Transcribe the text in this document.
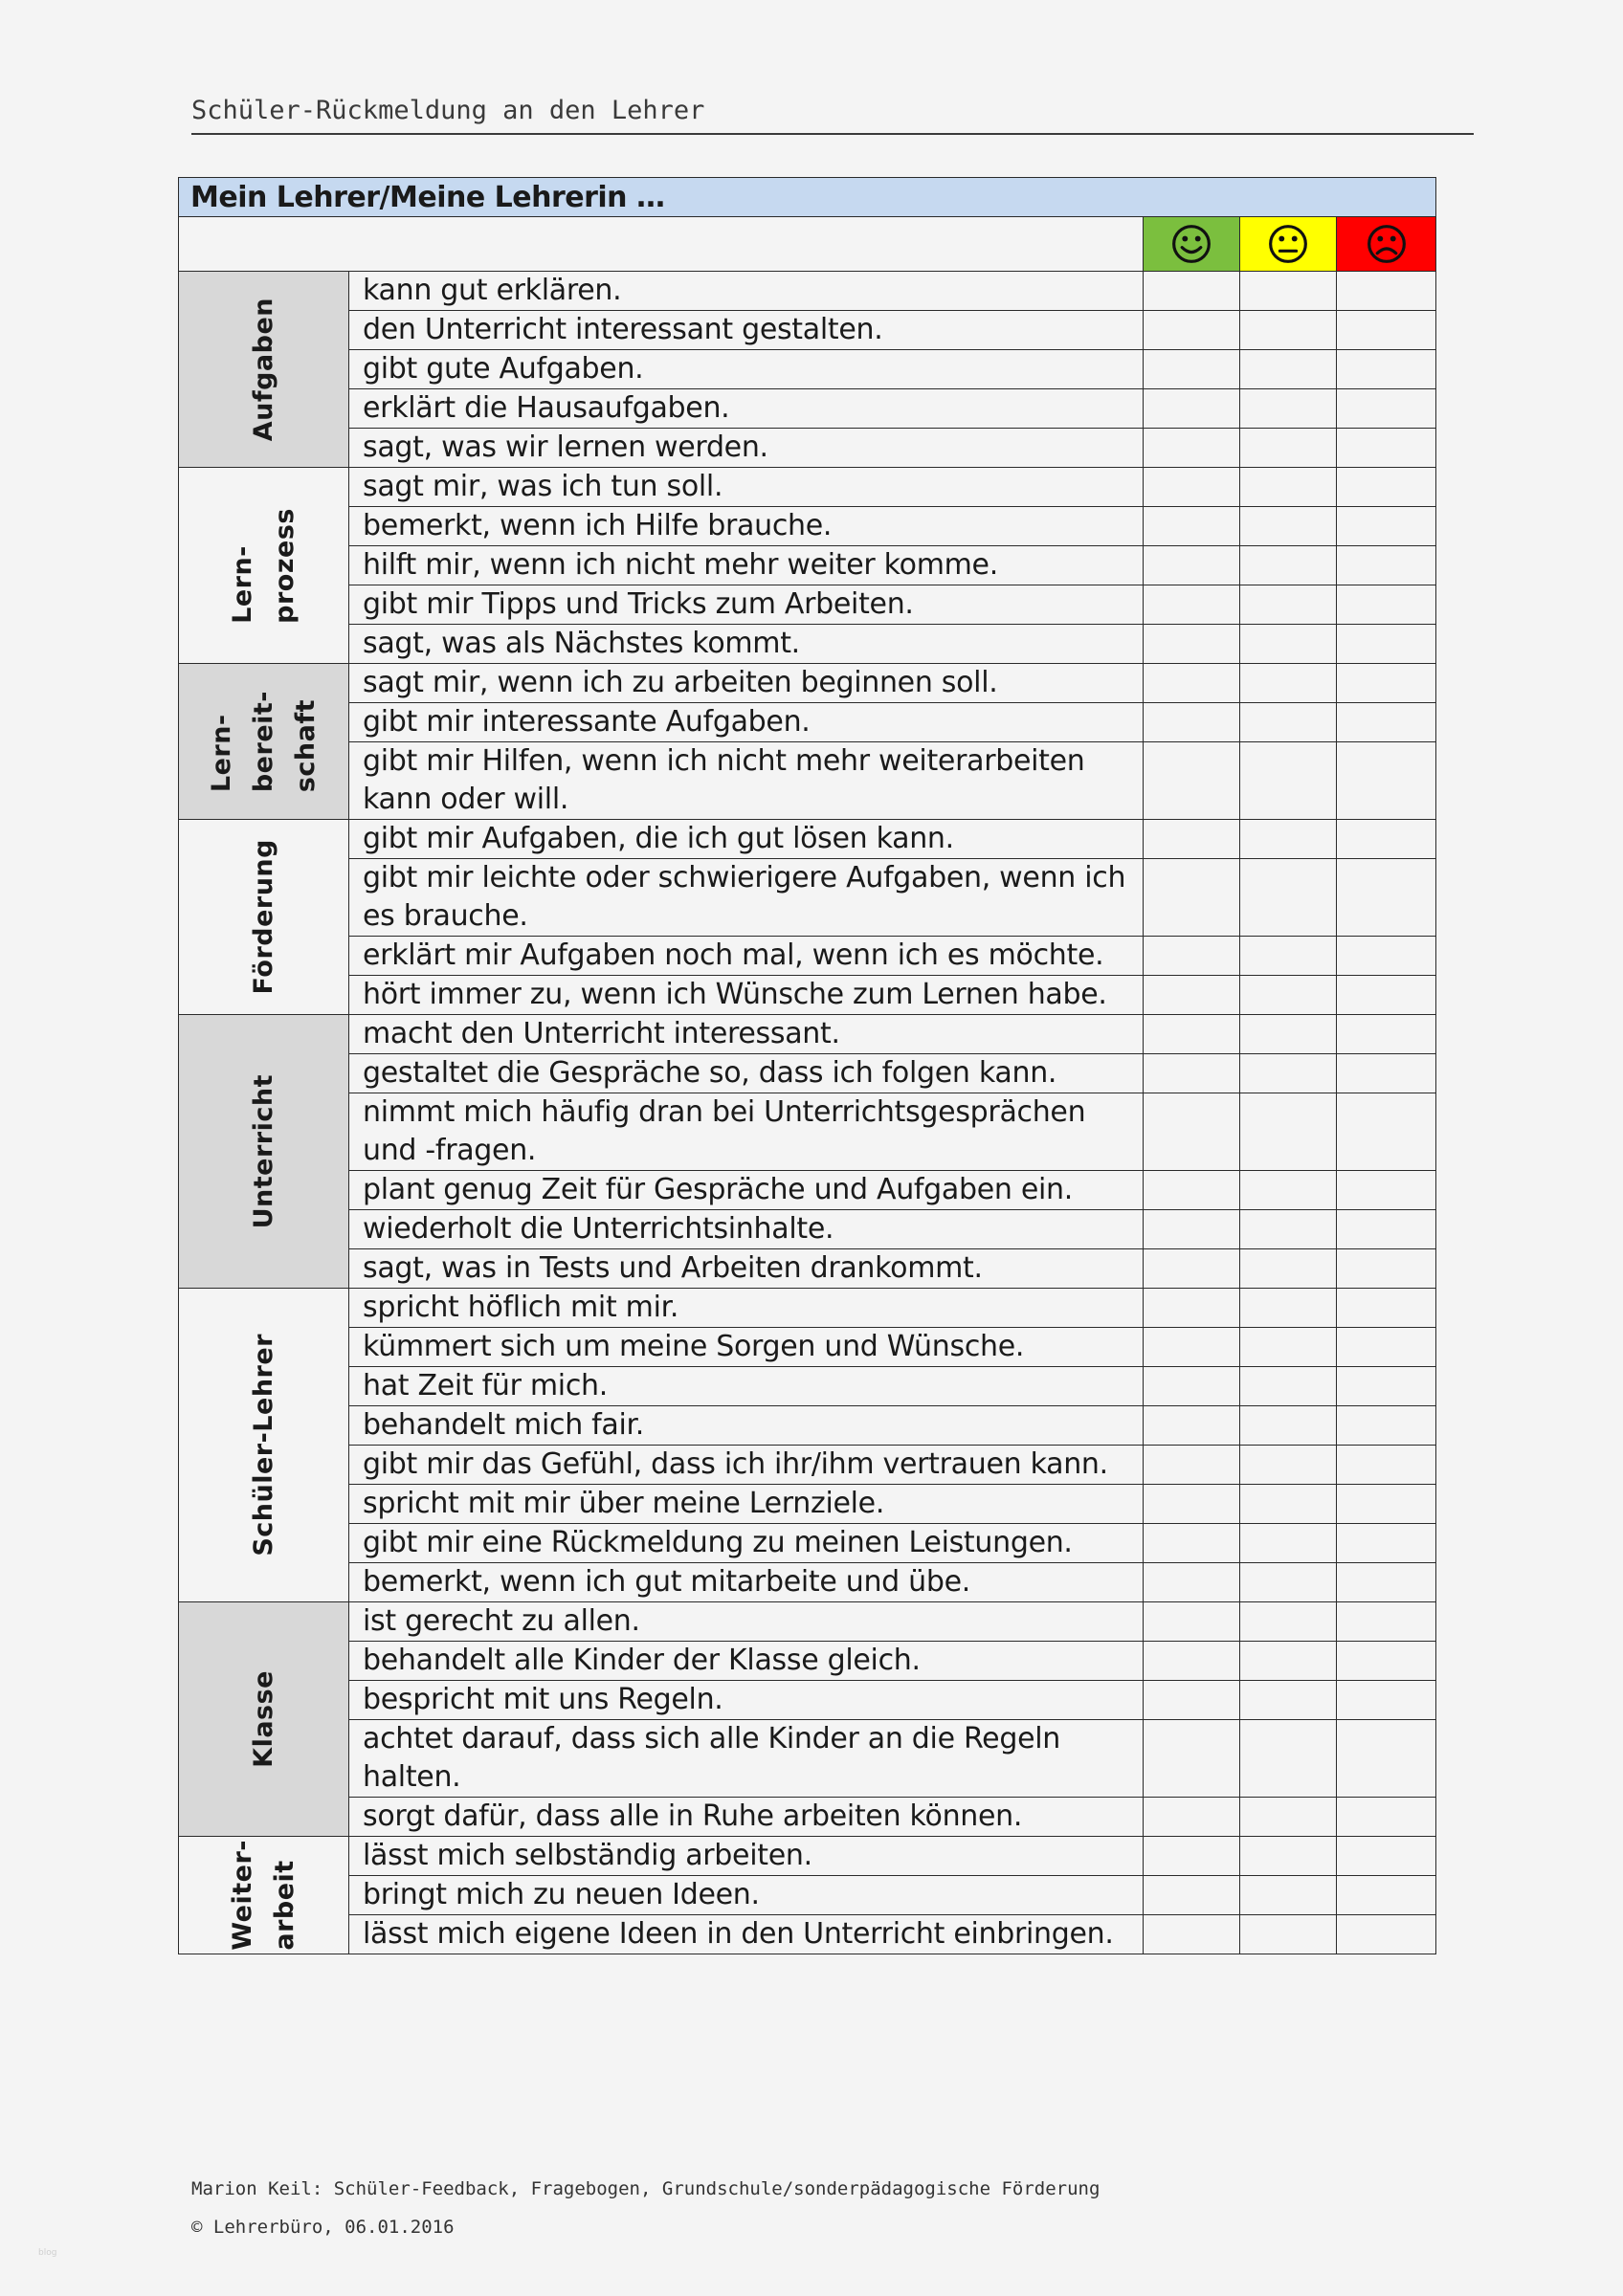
Schüler-Rückmeldung an den Lehrer
Mein Lehrer/Meine Lehrerin …				

Aufgaben	kann gut erklären.			
	den Unterricht interessant gestalten.			
	gibt gute Aufgaben.			
	erklärt die Hausaufgaben.			
	sagt, was wir lernen werden.			

Lern-
prozess	sagt mir, was ich tun soll.			
	bemerkt, wenn ich Hilfe brauche.			
	hilft mir, wenn ich nicht mehr weiter komme.			
	gibt mir Tipps und Tricks zum Arbeiten.			
	sagt, was als Nächstes kommt.			

Lern-
bereit-
schaft	sagt mir, wenn ich zu arbeiten beginnen soll.			
	gibt mir interessante Aufgaben.			
	gibt mir Hilfen, wenn ich nicht mehr weiterarbeiten kann oder will.			

Förderung	gibt mir Aufgaben, die ich gut lösen kann.			
	gibt mir leichte oder schwierigere Aufgaben, wenn ich es brauche.			
	erklärt mir Aufgaben noch mal, wenn ich es möchte.			
	hört immer zu, wenn ich Wünsche zum Lernen habe.			

Unterricht	macht den Unterricht interessant.			
	gestaltet die Gespräche so, dass ich folgen kann.			
	nimmt mich häufig dran bei Unterrichtsgesprächen und -fragen.			
	plant genug Zeit für Gespräche und Aufgaben ein.			
	wiederholt die Unterrichtsinhalte.			
	sagt, was in Tests und Arbeiten drankommt.			

Schüler-Lehrer	spricht höflich mit mir.			
	kümmert sich um meine Sorgen und Wünsche.			
	hat Zeit für mich.			
	behandelt mich fair.			
	gibt mir das Gefühl, dass ich ihr/ihm vertrauen kann.			
	spricht mit mir über meine Lernziele.			
	gibt mir eine Rückmeldung zu meinen Leistungen.			
	bemerkt, wenn ich gut mitarbeite und übe.			

Klasse	ist gerecht zu allen.			
	behandelt alle Kinder der Klasse gleich.			
	bespricht mit uns Regeln.			
	achtet darauf, dass sich alle Kinder an die Regeln halten.			
	sorgt dafür, dass alle in Ruhe arbeiten können.			

Weiter-
arbeit	lässt mich selbständig arbeiten.			
	bringt mich zu neuen Ideen.			
	lässt mich eigene Ideen in den Unterricht einbringen.			
Marion Keil: Schüler-Feedback, Fragebogen, Grundschule/sonderpädagogische Förderung
© Lehrerbüro, 06.01.2016
blog
